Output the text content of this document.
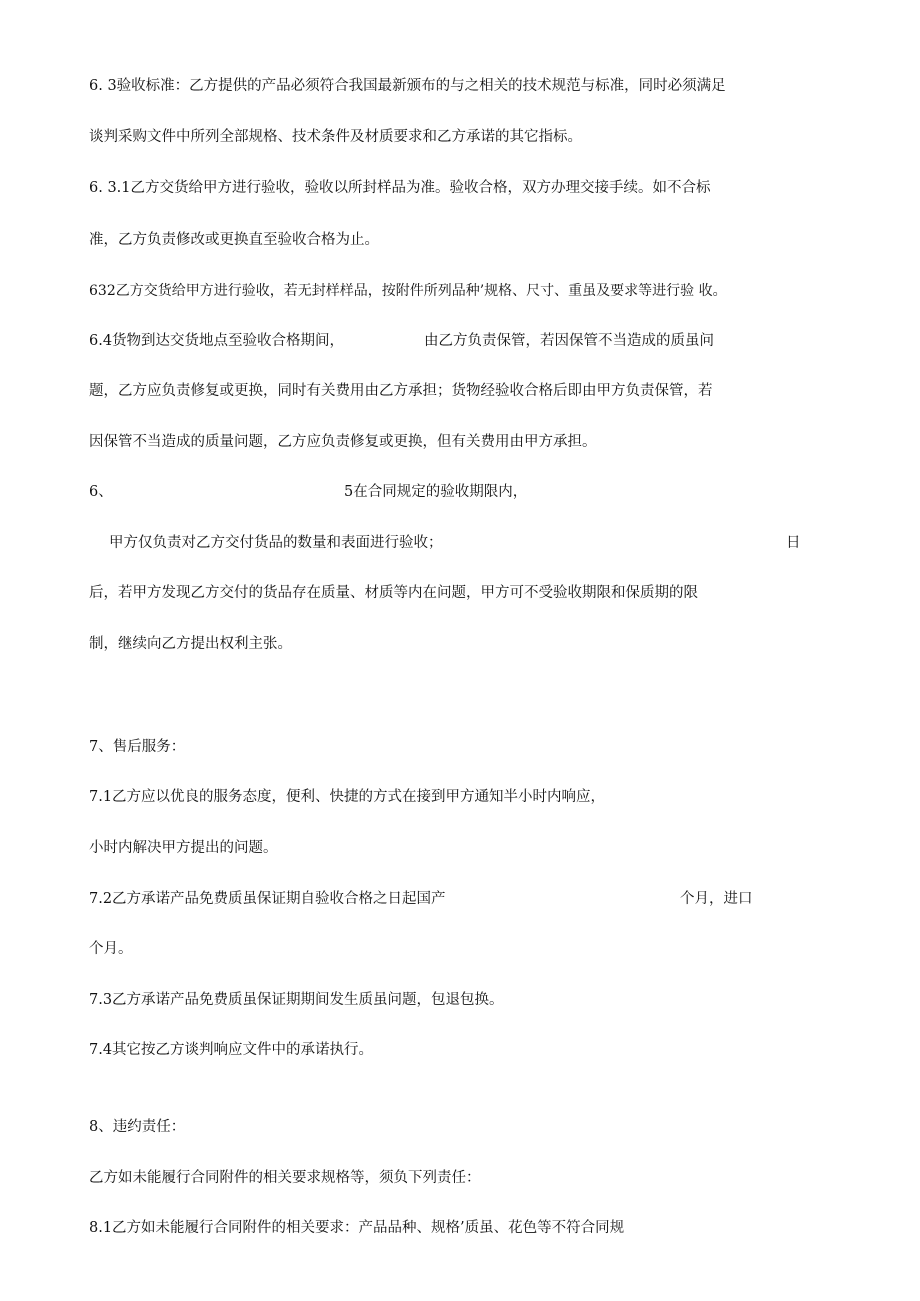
6. 3验收标准：乙方提供的产品必须符合我国最新颁布的与之相关的技术规范与标准，同时必须满足
谈判采购文件中所列全部规格、技术条件及材质要求和乙方承诺的其它指标。
6. 3.1乙方交货给甲方进行验收，验收以所封样品为准。验收合格，双方办理交接手续。如不合标
准，乙方负责修改或更换直至验收合格为止。
632乙方交货给甲方进行验收，若无封样样品，按附件所列品种’规格、尺寸、重虽及要求等进行验 收。
6.4货物到达交货地点至验收合格期间，	由乙方负责保管，若因保管不当造成的质虽问
题，乙方应负责修复或更换，同时有关费用由乙方承担；货物经验收合格后即由甲方负责保管，若
因保管不当造成的质量问题，乙方应负责修复或更换，但有关费用由甲方承担。
6、	5在合同规定的验收期限内，
甲方仅负责对乙方交付货品的数量和表面进行验收；	日
后，若甲方发现乙方交付的货品存在质量、材质等内在问题，甲方可不受验收期限和保质期的限
制，继续向乙方提出权利主张。
7、售后服务：
7.1乙方应以优良的服务态度，便利、快捷的方式在接到甲方通知半小时内响应，
小时内解决甲方提出的问题。
7.2乙方承诺产品免费质虽保证期自验收合格之日起国产	个月，进口
个月。
7.3乙方承诺产品免费质虽保证期期间发生质虽问题，包退包换。
7.4其它按乙方谈判响应文件中的承诺执行。
8、违约责任：
乙方如未能履行合同附件的相关要求规格等，须负下列责任：
8.1乙方如未能履行合同附件的相关要求：产品品种、规格’质虽、花色等不符合同规
